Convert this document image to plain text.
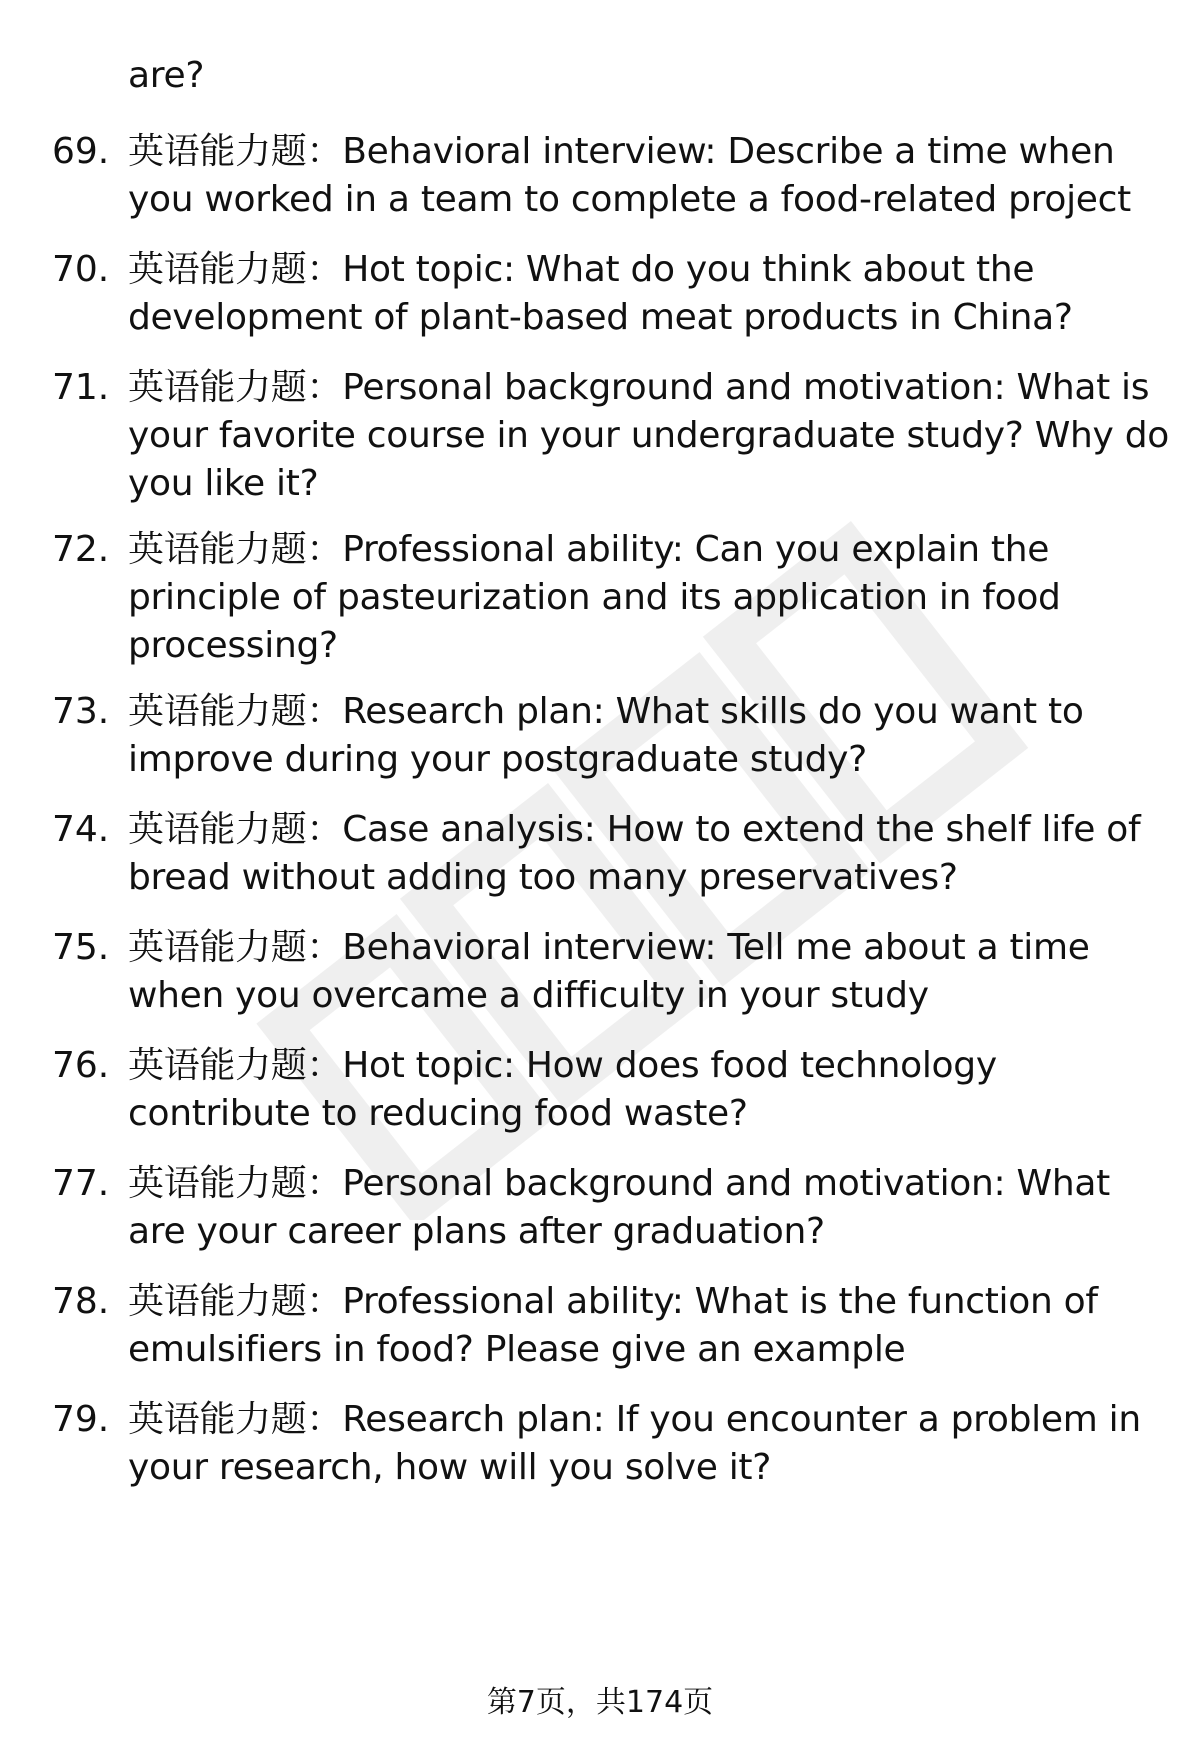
are?
69. 英语能力题：Behavioral interview: Describe a time when
you worked in a team to complete a food-related project
70. 英语能力题：Hot topic: What do you think about the
development of plant-based meat products in China?
71. 英语能力题：Personal background and motivation: What is
your favorite course in your undergraduate study? Why do
you like it?
72. 英语能力题：Professional ability: Can you explain the
principle of pasteurization and its application in food
processing?
73. 英语能力题：Research plan: What skills do you want to
improve during your postgraduate study?
74. 英语能力题：Case analysis: How to extend the shelf life of
bread without adding too many preservatives?
75. 英语能力题：Behavioral interview: Tell me about a time
when you overcame a difficulty in your study
76. 英语能力题：Hot topic: How does food technology
contribute to reducing food waste?
77. 英语能力题：Personal background and motivation: What
are your career plans after graduation?
78. 英语能力题：Professional ability: What is the function of
emulsifiers in food? Please give an example
79. 英语能力题：Research plan: If you encounter a problem in
your research, how will you solve it?
第7页，共174页
